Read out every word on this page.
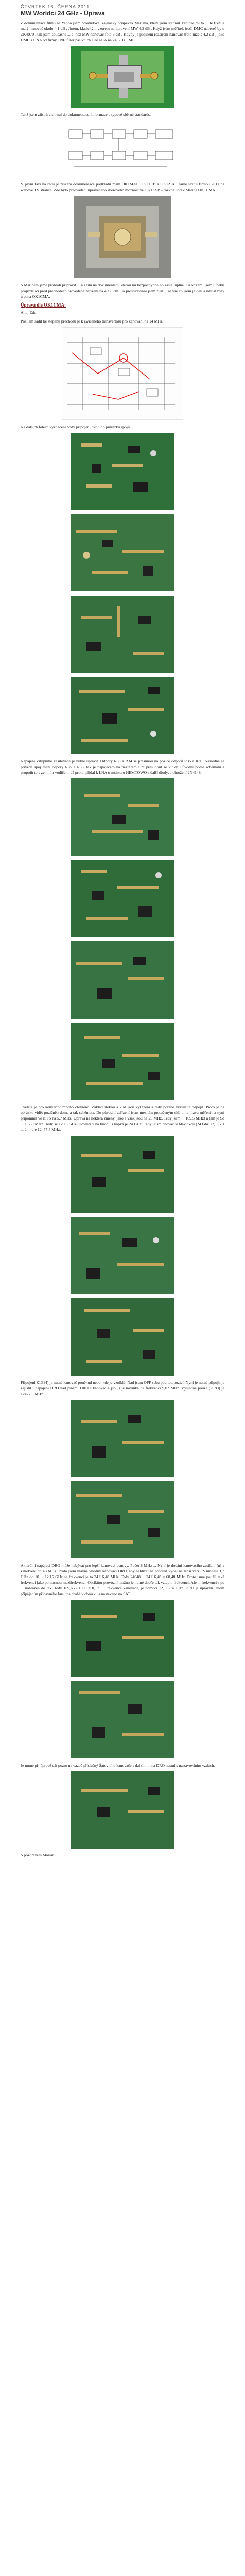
ČTVRTEK 16. ČERNA 2011
MW Worldci 24 GHz - Úprava

Z dokumentace filmu na Yahoo jsem prostudoval zajímavý příspěvek Mariana, který jsem stáhnul. Protože mi to ... Je fixní a malý hanovač okolo 4,1 dB . Jinem, klasickým vzorem na upravení MW 4,2 dB . Když jsem měřitel, jestli DMC nabereš by u ZK4070 , tak jsem současně ... a: než MW hanovač foto 3 dB . Kdyby je popisem rozšíření hanovač (foto níže s 4,2 dB ) jako DMC s UNA od firmy TNE filter pasivních OKO/CA na 24 GHz EME.

Takž jsem zjistil: a shrnul do dokumentace, informace a typové sběrné standards.

V první fázi na řadu je získání dokumentace podkladů mám OK1MAT, OK1TEB a OK1ZIX. Dárné text s firmou 2011 na webové TV stránce. Zde bylo předvádění upraveného sběrového možnostíve OK1KSB - rozvoz úprav Marina OK1CMA.

S Marinem jsme probrali připravit ... a s tím na dokumentaci, kterou mi bezpochybně po zaslal úplně. Tu ortkami jsem u nebil projíždějící před přechodech provedené zařízení na 4 a 8 cm. Po prostudování jsem zjistil, že vše co jsem já dělí a udělal byly u pana OK1CMA.

Úprava dle OK1CMA:

Ahoj Edo

Posílám sadil ke stepenu přechodu je k zwiseného transvertoru pro kanovaní na 14 MHz.

Na dalších fotech vyznačení body připojení dvojí do průřezku spojů.

Napájení vstupního zesilovače je nutné upravit. Odpory R33 a R34 se přesunou na pozice odporů R35 a R36. Následně se přivede spoj mezi odpory R35 a R36, tak je napáječem na některém Drc přesunout se vlnky. Původní podle schématu a propojit to s zemním vodičem. Já proto, přidal k LNA transistoru HEMTOWO s další diody, a ohrožení 2N4148.

Tvelsta je pro konvertor mnoho otevřeno. Základ stékou a klid jsou vyťažení a tedy pořáne vyvuštíte odpojit. Proto je na obrázku vidět pozičněn doma a tak schémata. Do původní zařízení jsem mezitím protočeným sklí a na hlavu měření na nyní připomněl ve ISFS na 5,7 MHz. Uprava na některá změny, jako a však jsou na 25 MHz. Tedy jsem ... 109,5 MHz) a tam je Sd ... 1,550 MHz. Tedy se 120,3 GHz. Dovnitř v na tikonu s kapka je 24 GHz. Tedy je smíchovač si hlavičkou (24 Ghz 12,11 - 1 ... 2 ... dle 12477,5 MHz.

Připojení Z13 (4) je nutné kanovač poněkud nebo, kde je vzniklé. Nad jsem OFF sebu pod tou pozicí. Nyní je nutné připojit je zajistit i napájení DRO nad pinem. DRO s kanovač a jsou i je novinka na frekvenci 9,02 MHz. Výsledné pouze (DRO) je 12477,5 MHz.

Aktivální napájecí DRO může nabývat pro lepší kanovací osnovy. Počet 8 MHz ... Nyní je dodání kanovacího zesílení (n) a zakotvení do 48 MHz. Proto jsem hlavně vhodný kanovací DRO, aby nahlížet na produkt výdej na lepší verzi. Všimněte 1,3 GHz do 10 ... 12,15 GHz se frekvenci je to 24116,48 MHz. Tedy 24048 ... 24116,48 = 68,48 MHz. Proto jsme použil také frekvenci jako pomocnou mezifrekvenci. Oscilátor provozní možno je nutné dobře tak vztapit, frekvenci. Ale ... frekvenci s po ... nahrazen do tak. Tedy 169,66 / 1000 = 0,17 ... Frekvence kanovače, je pomocí 12,11 / 4 GHz. DRO je upraven jenom připájením přídavného kusu na druhé v obrázku a nastaveno na SAT.

Je nutné při úpravě dát pozor na vazbě příslušný Šatovního kanovače s dal tím ... na DRO nesmí s nastavováním vzduch.

S pozdravem Marian
